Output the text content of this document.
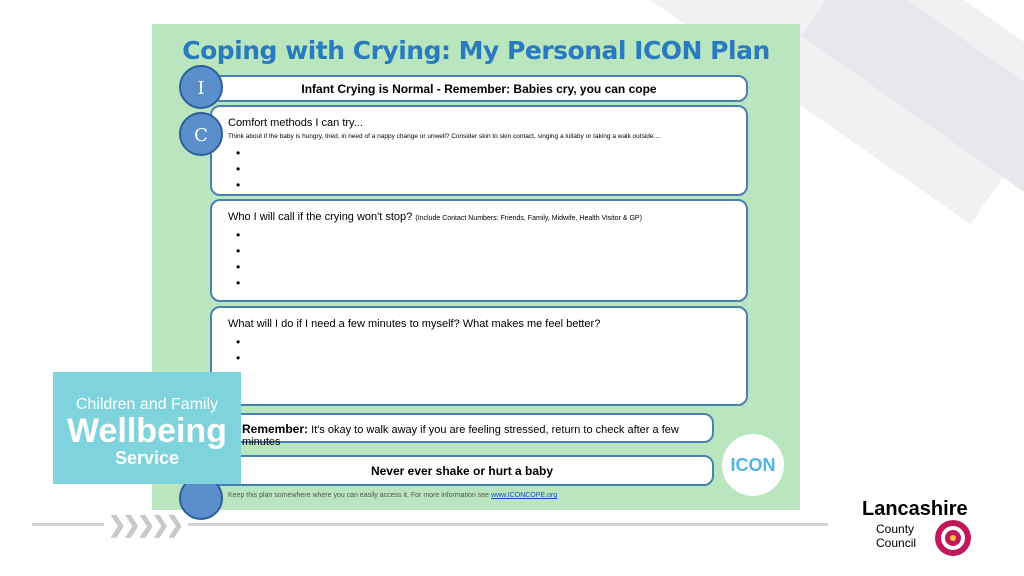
❯❯❯❯❯
Coping with Crying: My Personal ICON Plan
Infant Crying is Normal - Remember: Babies cry, you can cope
Comfort methods I can try...
Think about if the baby is hungry, tired, in need of a nappy change or unwell? Consider skin to skin contact, singing a lullaby or taking a walk outside....
•
•
•
Who I will call if the crying won't stop? (Include Contact Numbers: Friends, Family, Midwife, Health Visitor & GP)
•
•
•
•
What will I do if I need a few minutes to myself? What makes me feel better?
•
•
Remember: It's okay to walk away if you are feeling stressed, return to check after a few minutes
Never ever shake or hurt a baby
Keep this plan somewhere where you can easily access it. For more information see www.ICONCOPE.org
ICON
I
C
Children and Family
Wellbeing
Service
Lancashire
County
Council
